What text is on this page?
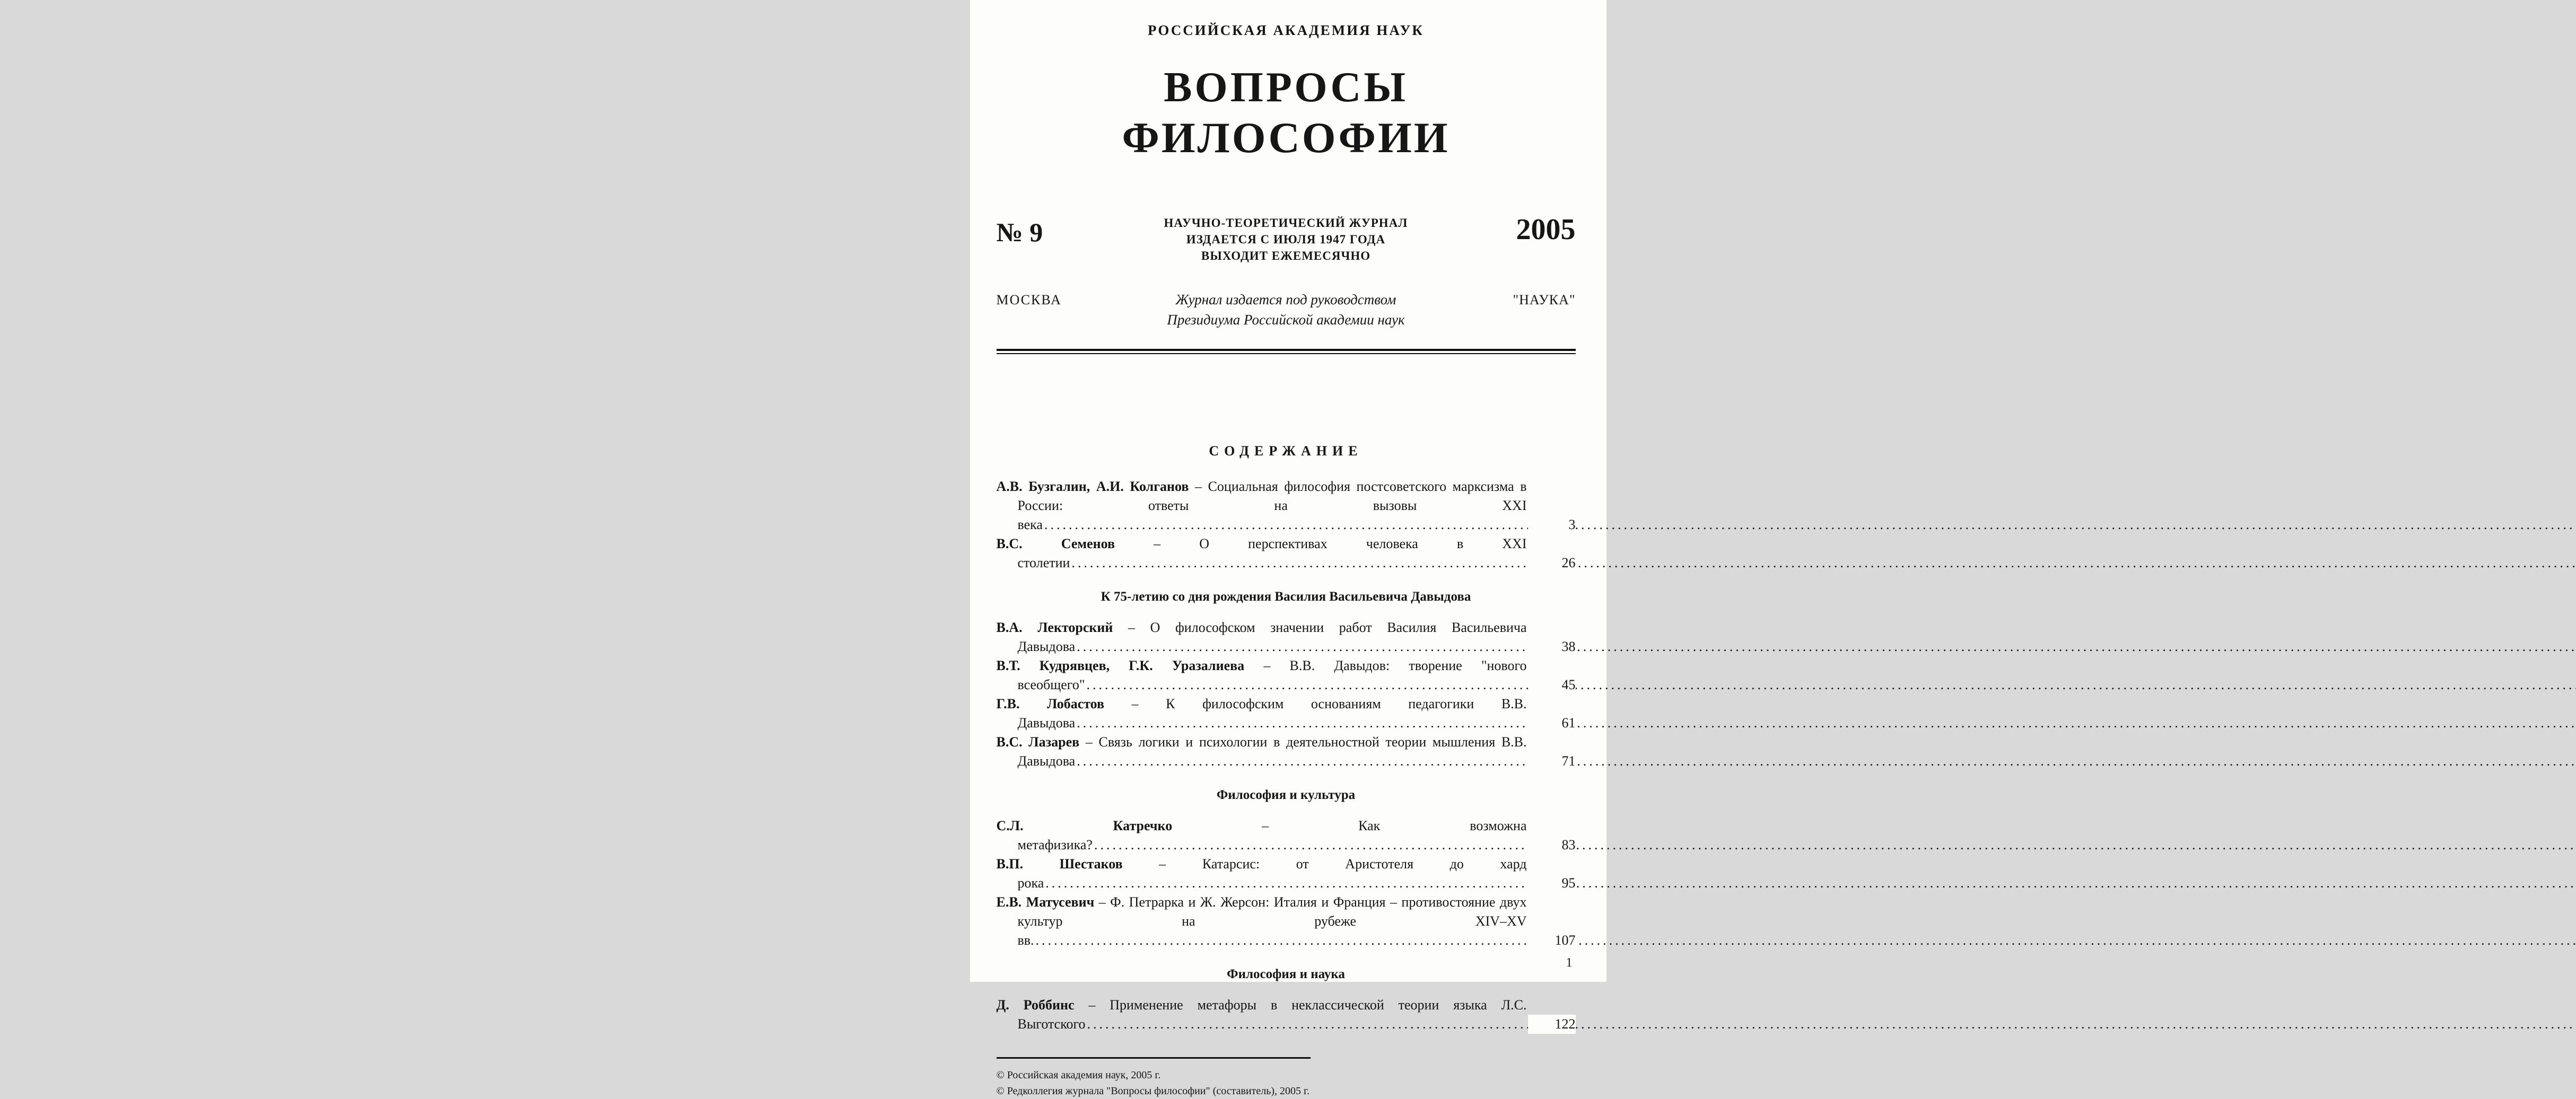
РОССИЙСКАЯ АКАДЕМИЯ НАУК
ВОПРОСЫ
ФИЛОСОФИИ
№ 9	НАУЧНО-ТЕОРЕТИЧЕСКИЙ ЖУРНАЛ
ИЗДАЕТСЯ С ИЮЛЯ 1947 ГОДА
ВЫХОДИТ ЕЖЕМЕСЯЧНО
2005
МОСКВА	Журнал издается под руководством
Президиума Российской академии наук
"НАУКА"
СОДЕРЖАНИЕ
А.В. Бузгалин, А.И. Колганов – Социальная философия постсоветского марксизма в России: ответы на вызовы XXI века .....	3
В.С. Семенов	– О перспективах человека в XXI столетии .....	26
К 75-летию со дня рождения Василия Васильевича Давыдова
В.А. Лекторский – О философском значении работ Василия Васильевича Давыдова .....	38
В.Т. Кудрявцев, Г.К. Уразалиева – В.В. Давыдов: творение "нового всеобщего" .....	45
Г.В. Лобастов – К философским основаниям педагогики В.В. Давыдова .....	61
В.С. Лазарев – Связь логики и психологии в деятельностной теории мышления В.В. Давыдова .....	71
Философия и культура
С.Л. Катречко	– Как возможна метафизика? .....	83
В.П. Шестаков	– Катарсис: от Аристотеля до хард рока .....	95
Е.В. Матусевич – Ф. Петрарка и Ж. Жерсон: Италия и Франция – противостояние двух культур на рубеже XIV–XV вв. .....	107
Философия и наука
Д. Роббинс – Применение метафоры в неклассической теории языка Л.С. Выготского .....	122
© Российская академия наук, 2005 г.
© Редколлегия журнала "Вопросы философии" (составитель), 2005 г.
1
